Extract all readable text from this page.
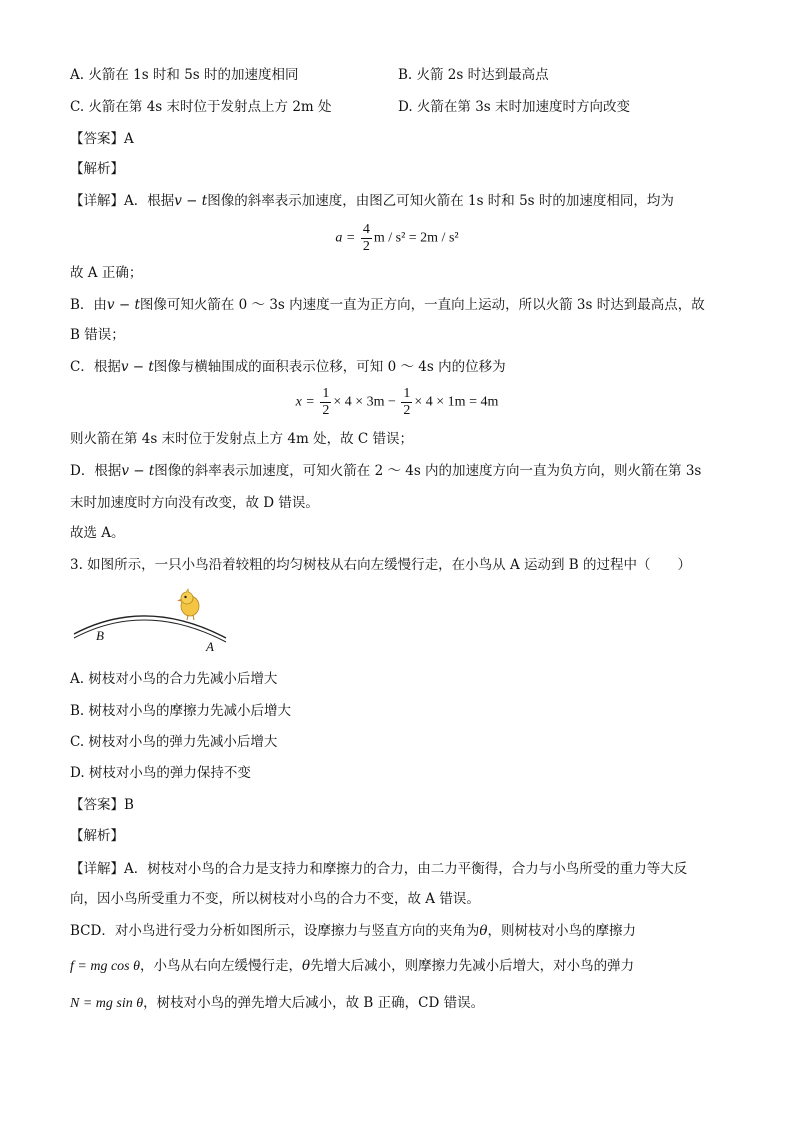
A. 火箭在 1s 时和 5s 时的加速度相同	B. 火箭 2s 时达到最高点
C. 火箭在第 4s 末时位于发射点上方 2m 处	D. 火箭在第 3s 末时加速度时方向改变
【答案】A
【解析】
【详解】A．根据v − t图像的斜率表示加速度，由图乙可知火箭在 1s 时和 5s 时的加速度相同，均为
$a = \frac{4}{2}$ m / s² = 2m / s²
故 A 正确；
B．由v − t图像可知火箭在 0 ～ 3s 内速度一直为正方向，一直向上运动，所以火箭 3s 时达到最高点，故
B 错误；
C．根据v − t图像与横轴围成的面积表示位移，可知 0 ～ 4s 内的位移为
$x = \frac{1}{2} \times 4 \times 3m - \frac{1}{2} \times 4 \times 1m = 4m$
则火箭在第 4s 末时位于发射点上方 4m 处，故 C 错误；
D．根据v − t图像的斜率表示加速度，可知火箭在 2 ～ 4s 内的加速度方向一直为负方向，则火箭在第 3s
末时加速度时方向没有改变，故 D 错误。
故选 A。
3. 如图所示，一只小鸟沿着较粗的均匀树枝从右向左缓慢行走，在小鸟从 A 运动到 B 的过程中（　　）
B
A
A. 树枝对小鸟的合力先减小后增大
B. 树枝对小鸟的摩擦力先减小后增大
C. 树枝对小鸟的弹力先减小后增大
D. 树枝对小鸟的弹力保持不变
【答案】B
【解析】
【详解】A．树枝对小鸟的合力是支持力和摩擦力的合力，由二力平衡得，合力与小鸟所受的重力等大反
向，因小鸟所受重力不变，所以树枝对小鸟的合力不变，故 A 错误。
BCD．对小鸟进行受力分析如图所示，设摩擦力与竖直方向的夹角为θ，则树枝对小鸟的摩擦力
f = mg cos θ，小鸟从右向左缓慢行走，θ先增大后减小，则摩擦力先减小后增大，对小鸟的弹力
N = mg sin θ，树枝对小鸟的弹先增大后减小，故 B 正确，CD 错误。
